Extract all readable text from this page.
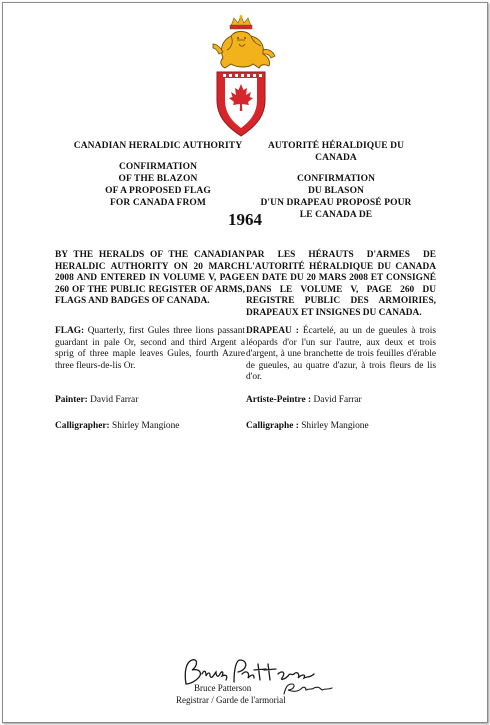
CANADIAN HERALDIC AUTHORITY
CONFIRMATION
OF THE BLAZON
OF A PROPOSED FLAG
FOR CANADA FROM
AUTORITÉ HÉRALDIQUE DU CANADA
CONFIRMATION
DU BLASON
D'UN DRAPEAU PROPOSÉ POUR
LE CANADA DE
1964
BY THE HERALDS OF THE CANADIAN HERALDIC AUTHORITY ON 20 MARCH 2008 AND ENTERED IN VOLUME V, PAGE 260 OF THE PUBLIC REGISTER OF ARMS, FLAGS AND BADGES OF CANADA.
PAR LES HÉRAUTS D'ARMES DE L'AUTORITÉ HÉRALDIQUE DU CANADA EN DATE DU 20 MARS 2008 ET CONSIGNÉ DANS LE VOLUME V, PAGE 260 DU REGISTRE PUBLIC DES ARMOIRIES, DRAPEAUX ET INSIGNES DU CANADA.
FLAG: Quarterly, first Gules three lions passant guardant in pale Or, second and third Argent a sprig of three maple leaves Gules, fourth Azure three fleurs-de-lis Or.
DRAPEAU : Écartelé, au un de gueules à trois léopards d'or l'un sur l'autre, aux deux et trois d'argent, à une branchette de trois feuilles d'érable de gueules, au quatre d'azur, à trois fleurs de lis d'or.
Painter: David Farrar	Artiste-Peintre : David Farrar
Calligrapher: Shirley Mangione	Calligraphe : Shirley Mangione
Bruce Patterson
Registrar / Garde de l'armorial
